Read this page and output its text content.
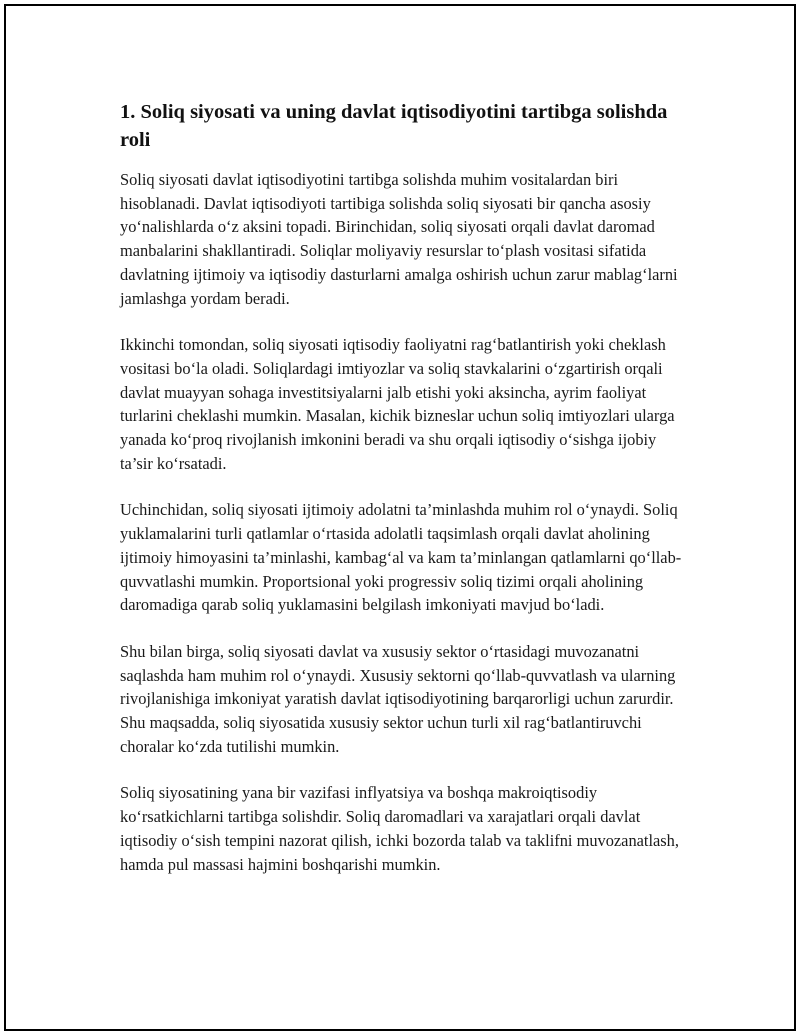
1. Soliq siyosati va uning davlat iqtisodiyotini tartibga solishda roli

Soliq siyosati davlat iqtisodiyotini tartibga solishda muhim vositalardan biri hisoblanadi. Davlat iqtisodiyoti tartibiga solishda soliq siyosati bir qancha asosiy yo‘nalishlarda o‘z aksini topadi. Birinchidan, soliq siyosati orqali davlat daromad manbalarini shakllantiradi. Soliqlar moliyaviy resurslar to‘plash vositasi sifatida davlatning ijtimoiy va iqtisodiy dasturlarni amalga oshirish uchun zarur mablag‘larni jamlashga yordam beradi.

Ikkinchi tomondan, soliq siyosati iqtisodiy faoliyatni rag‘batlantirish yoki cheklash vositasi bo‘la oladi. Soliqlardagi imtiyozlar va soliq stavkalarini o‘zgartirish orqali davlat muayyan sohaga investitsiyalarni jalb etishi yoki aksincha, ayrim faoliyat turlarini cheklashi mumkin. Masalan, kichik bizneslar uchun soliq imtiyozlari ularga yanada ko‘proq rivojlanish imkonini beradi va shu orqali iqtisodiy o‘sishga ijobiy ta’sir ko‘rsatadi.

Uchinchidan, soliq siyosati ijtimoiy adolatni ta’minlashda muhim rol o‘ynaydi. Soliq yuklamalarini turli qatlamlar o‘rtasida adolatli taqsimlash orqali davlat aholining ijtimoiy himoyasini ta’minlashi, kambag‘al va kam ta’minlangan qatlamlarni qo‘llab-quvvatlashi mumkin. Proportsional yoki progressiv soliq tizimi orqali aholining daromadiga qarab soliq yuklamasini belgilash imkoniyati mavjud bo‘ladi.

Shu bilan birga, soliq siyosati davlat va xususiy sektor o‘rtasidagi muvozanatni saqlashda ham muhim rol o‘ynaydi. Xususiy sektorni qo‘llab-quvvatlash va ularning rivojlanishiga imkoniyat yaratish davlat iqtisodiyotining barqarorligi uchun zarurdir. Shu maqsadda, soliq siyosatida xususiy sektor uchun turli xil rag‘batlantiruvchi choralar ko‘zda tutilishi mumkin.

Soliq siyosatining yana bir vazifasi inflyatsiya va boshqa makroiqtisodiy ko‘rsatkichlarni tartibga solishdir. Soliq daromadlari va xarajatlari orqali davlat iqtisodiy o‘sish tempini nazorat qilish, ichki bozorda talab va taklifni muvozanatlash, hamda pul massasi hajmini boshqarishi mumkin.
